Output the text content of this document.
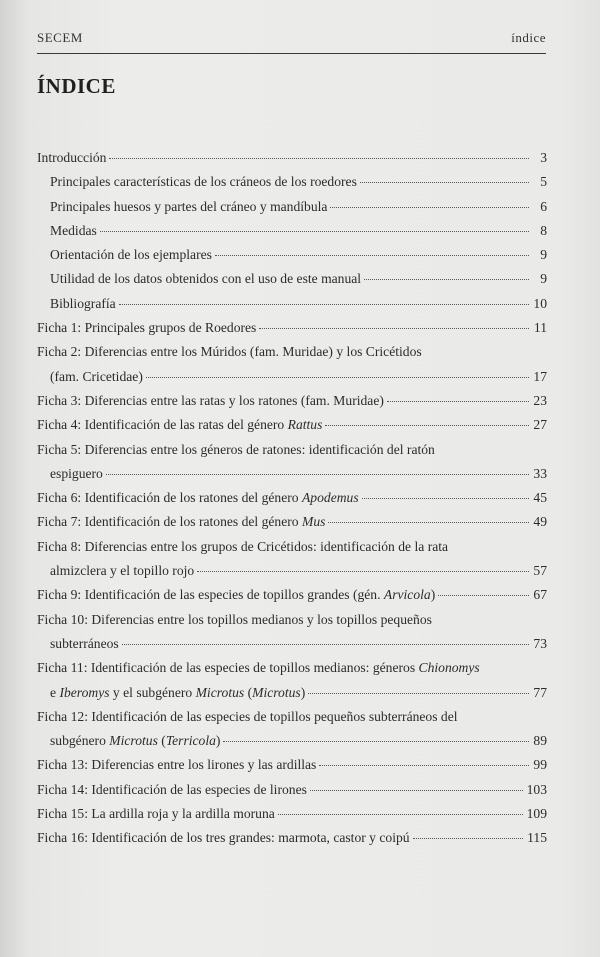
SECEM	índice
ÍNDICE
Introducción	3
Principales características de los cráneos de los roedores	5
Principales huesos y partes del cráneo y mandíbula	6
Medidas	8
Orientación de los ejemplares	9
Utilidad de los datos obtenidos con el uso de este manual	9
Bibliografía	10
Ficha 1: Principales grupos de Roedores	11
Ficha 2: Diferencias entre los Múridos (fam. Muridae) y los Cricétidos
(fam. Cricetidae)	17
Ficha 3: Diferencias entre las ratas y los ratones (fam. Muridae)	23
Ficha 4: Identificación de las ratas del género Rattus	27
Ficha 5: Diferencias entre los géneros de ratones: identificación del ratón
espiguero	33
Ficha 6: Identificación de los ratones del género Apodemus	45
Ficha 7: Identificación de los ratones del género Mus	49
Ficha 8: Diferencias entre los grupos de Cricétidos: identificación de la rata
almizclera y el topillo rojo	57
Ficha 9: Identificación de las especies de topillos grandes (gén. Arvicola)	67
Ficha 10: Diferencias entre los topillos medianos y los topillos pequeños
subterráneos	73
Ficha 11: Identificación de las especies de topillos medianos: géneros Chionomys
e Iberomys y el subgénero Microtus (Microtus)	77
Ficha 12: Identificación de las especies de topillos pequeños subterráneos del
subgénero Microtus (Terricola)	89
Ficha 13: Diferencias entre los lirones y las ardillas	99
Ficha 14: Identificación de las especies de lirones	103
Ficha 15: La ardilla roja y la ardilla moruna	109
Ficha 16: Identificación de los tres grandes: marmota, castor y coipú	115
